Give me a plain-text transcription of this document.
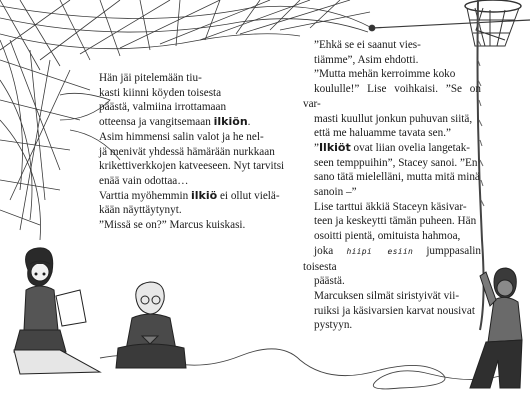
Hän jäi pitelemään tiu-
kasti kiinni köyden toisesta
päästä, valmiina irrottamaan
otteensa ja vangitsemaan ilkiön.

Asim himmensi salin valot ja he nel-
jä menivät yhdessä hämärään nurkkaan
krikettiverkkojen katveeseen. Nyt tarvitsi
enää vain odottaa…

Varttia myöhemmin ilkiö ei ollut vielä-
kään näyttäytynyt.

”Missä se on?” Marcus kuiskasi.

”Ehkä se ei saanut vies-
tiämme”, Asim ehdotti.

”Mutta mehän kerroimme koko
koululle!” Lise voihkaisi. ”Se on var-
masti kuullut jonkun puhuvan siitä,
että me haluamme tavata sen.”

”Ilkiöt ovat liian ovelia langetak-
seen temppuihin”, Stacey sanoi. ”En
sano tätä mielelläni, mutta mitä minä
sanoin –”

Lise tarttui äkkiä Staceyn käsivar-
teen ja keskeytti tämän puheen. Hän
osoitti pientä, omituista hahmoa,
joka hiipi esiin jumppasalin toisesta
päästä.

Marcuksen silmät siristyivät vii-
ruiksi ja käsivarsien karvat nousivat
pystyyn.
